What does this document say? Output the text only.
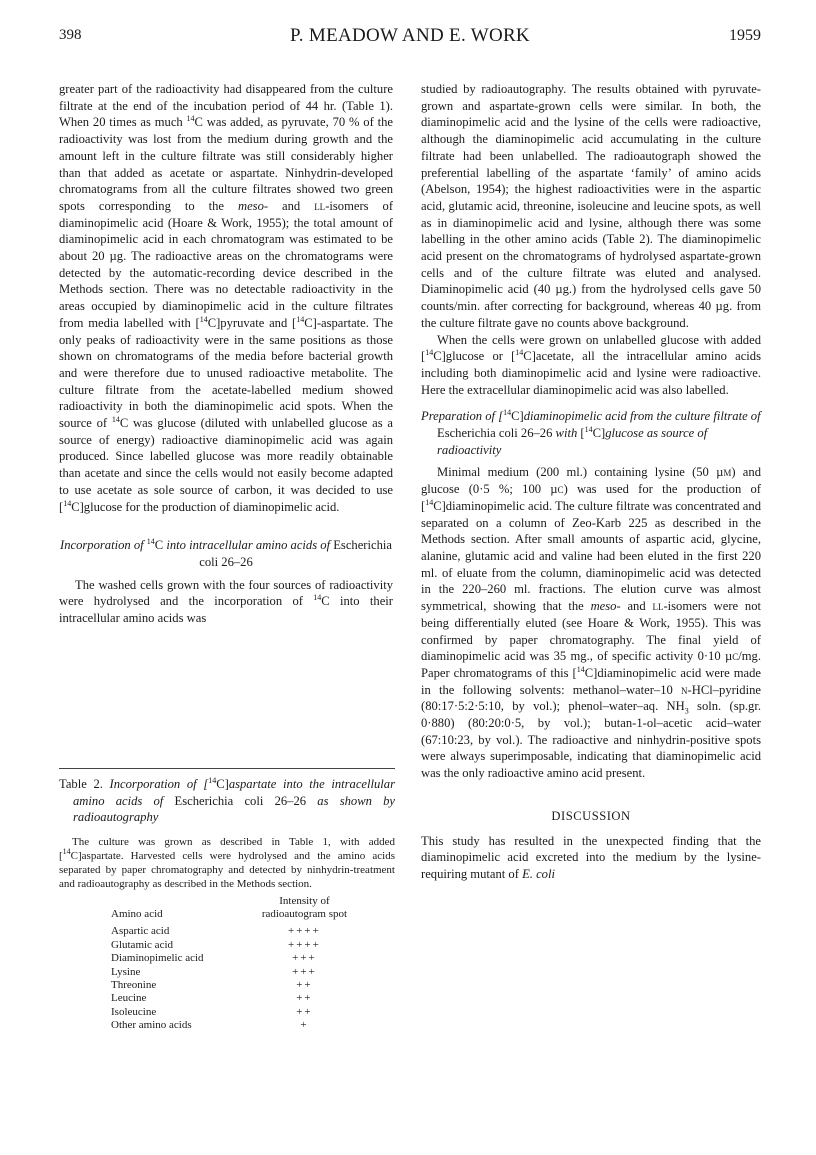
398	P. MEADOW AND E. WORK	1959

greater part of the radioactivity had disappeared from the culture filtrate at the end of the incubation period of 44 hr. (Table 1). When 20 times as much $^{14}$C was added, as pyruvate, 70 % of the radioactivity was lost from the medium during growth and the amount left in the culture filtrate was still considerably higher than that added as acetate or aspartate. Ninhydrin-developed chromatograms from all the culture filtrates showed two green spots corresponding to the meso- and ll-isomers of diaminopimelic acid (Hoare & Work, 1955); the total amount of diaminopimelic acid in each chromatogram was estimated to be about 20 µg. The radioactive areas on the chromatograms were detected by the automatic-recording device described in the Methods section. There was no detectable radioactivity in the areas occupied by diaminopimelic acid in the culture filtrates from media labelled with [$^{14}$C]pyruvate and [$^{14}$C]-aspartate. The only peaks of radioactivity were in the same positions as those shown on chromatograms of the media before bacterial growth and were therefore due to unused radioactive metabolite. The culture filtrate from the acetate-labelled medium showed radioactivity in both the diaminopimelic acid spots. When the source of $^{14}$C was glucose (diluted with unlabelled glucose as a source of energy) radioactive diaminopimelic acid was again produced. Since labelled glucose was more readily obtainable than acetate and since the cells would not easily become adapted to use acetate as sole source of carbon, it was decided to use [$^{14}$C]glucose for the production of diaminopimelic acid.

Incorporation of $^{14}$C into intracellular amino acids of Escherichia coli 26–26

The washed cells grown with the four sources of radioactivity were hydrolysed and the incorporation of $^{14}$C into their intracellular amino acids was

Table 2. Incorporation of [$^{14}$C]aspartate into the intracellular amino acids of Escherichia coli 26–26 as shown by radioautography

The culture was grown as described in Table 1, with added [$^{14}$C]aspartate. Harvested cells were hydrolysed and the amino acids separated by paper chromatography and detected by ninhydrin-treatment and radioautography as described in the Methods section.

Amino acid	Intensity of radioautogram spot
Aspartic acid	++++
Glutamic acid	++++
Diaminopimelic acid	+++
Lysine	+++
Threonine	++
Leucine	++
Isoleucine	++
Other amino acids	+

studied by radioautography. The results obtained with pyruvate-grown and aspartate-grown cells were similar. In both, the diaminopimelic acid and the lysine of the cells were radioactive, although the diaminopimelic acid accumulating in the culture filtrate had been unlabelled. The radioautograph showed the preferential labelling of the aspartate ‘family’ of amino acids (Abelson, 1954); the highest radioactivities were in the aspartic acid, glutamic acid, threonine, isoleucine and leucine spots, as well as in diaminopimelic acid and lysine, although there was some labelling in the other amino acids (Table 2). The diaminopimelic acid present on the chromatograms of hydrolysed aspartate-grown cells and of the culture filtrate was eluted and analysed. Diaminopimelic acid (40 µg.) from the hydrolysed cells gave 50 counts/min. after correcting for background, whereas 40 µg. from the culture filtrate gave no counts above background.

When the cells were grown on unlabelled glucose with added [$^{14}$C]glucose or [$^{14}$C]acetate, all the intracellular amino acids including both diaminopimelic acid and lysine were radioactive. Here the extracellular diaminopimelic acid was also labelled.

Preparation of [$^{14}$C]diaminopimelic acid from the culture filtrate of Escherichia coli 26–26 with [$^{14}$C]glucose as source of radioactivity

Minimal medium (200 ml.) containing lysine (50 µm) and glucose (0·5 %; 100 µc) was used for the production of [$^{14}$C]diaminopimelic acid. The culture filtrate was concentrated and separated on a column of Zeo-Karb 225 as described in the Methods section. After small amounts of aspartic acid, glycine, alanine, glutamic acid and valine had been eluted in the first 220 ml. of eluate from the column, diaminopimelic acid was detected in the 220–260 ml. fractions. The elution curve was almost symmetrical, showing that the meso- and ll-isomers were not being differentially eluted (see Hoare & Work, 1955). This was confirmed by paper chromatography. The final yield of diaminopimelic acid was 35 mg., of specific activity 0·10 µc/mg. Paper chromatograms of this [$^{14}$C]diaminopimelic acid were made in the following solvents: methanol–water–10 n-HCl–pyridine (80:17·5:2·5:10, by vol.); phenol–water–aq. $NH_3$ soln. (sp.gr. 0·880) (80:20:0·5, by vol.); butan-1-ol–acetic acid–water (67:10:23, by vol.). The radioactive and ninhydrin-positive spots were always superimposable, indicating that diaminopimelic acid was the only radioactive amino acid present.

DISCUSSION

This study has resulted in the unexpected finding that the diaminopimelic acid excreted into the medium by the lysine-requiring mutant of E. coli
